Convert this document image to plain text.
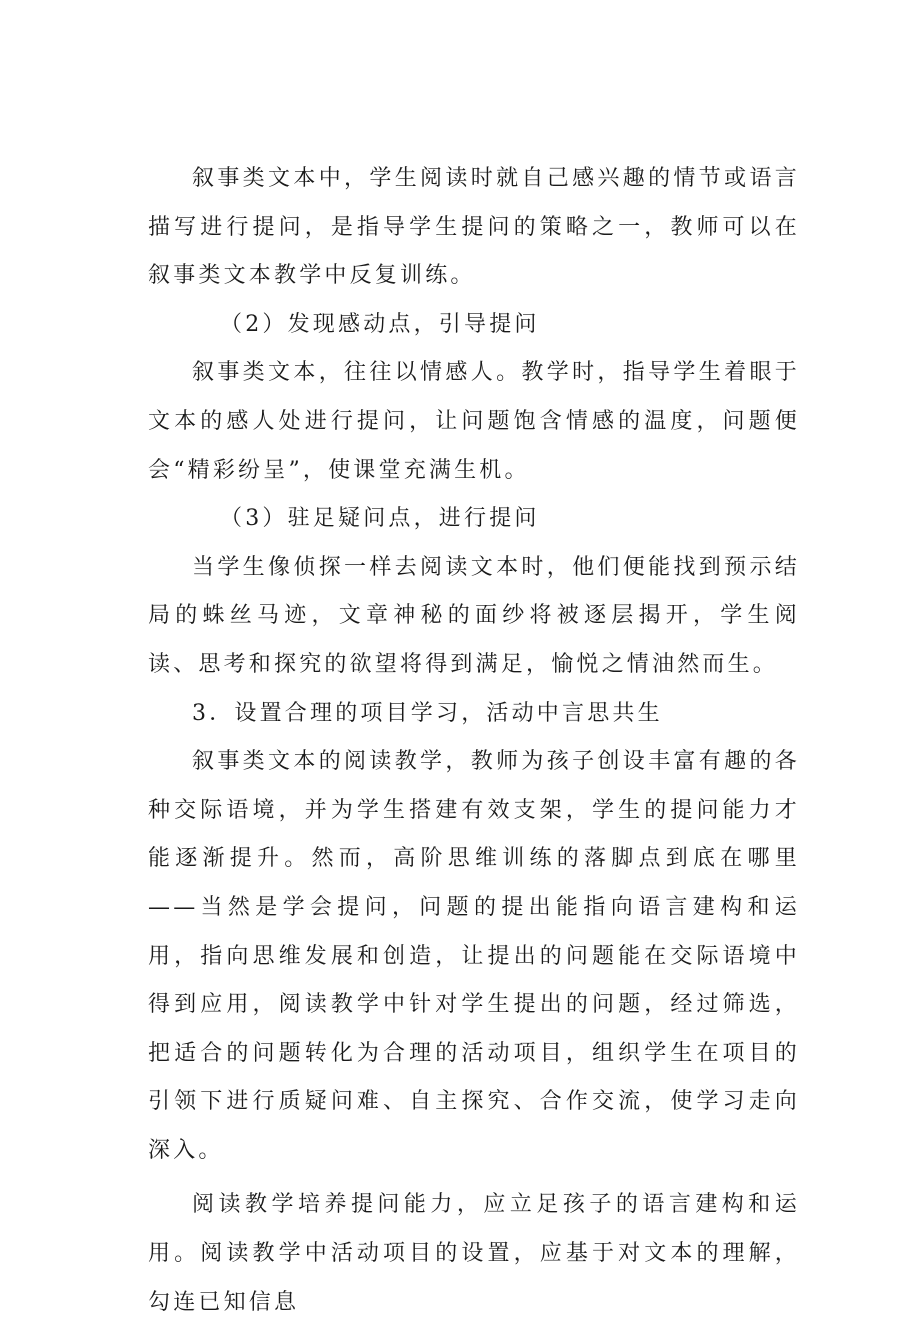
叙事类文本中，学生阅读时就自己感兴趣的情节或语言描写进行提问，是指导学生提问的策略之一，教师可以在叙事类文本教学中反复训练。

（2）发现感动点，引导提问

叙事类文本，往往以情感人。教学时，指导学生着眼于文本的感人处进行提问，让问题饱含情感的温度，问题便会“精彩纷呈”，使课堂充满生机。

（3）驻足疑问点，进行提问

当学生像侦探一样去阅读文本时，他们便能找到预示结局的蛛丝马迹，文章神秘的面纱将被逐层揭开，学生阅读、思考和探究的欲望将得到满足，愉悦之情油然而生。

3．设置合理的项目学习，活动中言思共生

叙事类文本的阅读教学，教师为孩子创设丰富有趣的各种交际语境，并为学生搭建有效支架，学生的提问能力才能逐渐提升。然而，高阶思维训练的落脚点到底在哪里——当然是学会提问，问题的提出能指向语言建构和运用，指向思维发展和创造，让提出的问题能在交际语境中得到应用，阅读教学中针对学生提出的问题，经过筛选，把适合的问题转化为合理的活动项目，组织学生在项目的引领下进行质疑问难、自主探究、合作交流，使学习走向深入。

阅读教学培养提问能力，应立足孩子的语言建构和运用。阅读教学中活动项目的设置，应基于对文本的理解，勾连已知信息
